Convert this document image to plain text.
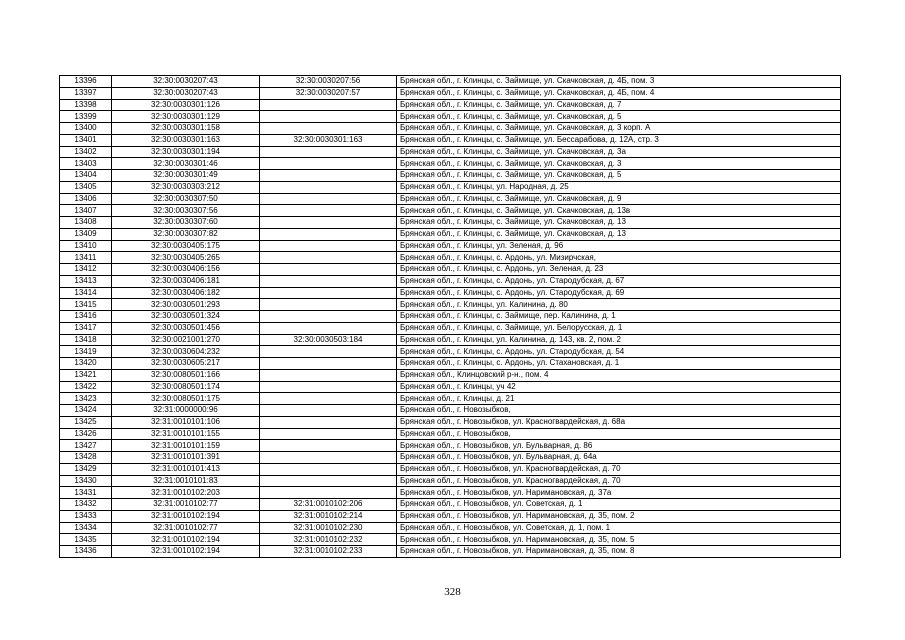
13396	32:30:0030207:43	32:30:0030207:56	Брянская обл., г. Клинцы, с. Займище, ул. Скачковская, д. 4Б, пом. 3
13397	32:30:0030207:43	32:30:0030207:57	Брянская обл., г. Клинцы, с. Займище, ул. Скачковская, д. 4Б, пом. 4
13398	32:30:0030301:126		Брянская обл., г. Клинцы, с. Займище, ул. Скачковская, д. 7
13399	32:30:0030301:129		Брянская обл., г. Клинцы, с. Займище, ул. Скачковская, д. 5
13400	32:30:0030301:158		Брянская обл., г. Клинцы, с. Займище, ул. Скачковская, д. 3 корп. А
13401	32:30:0030301:163	32:30:0030301:163	Брянская обл., г. Клинцы, с. Займище, ул. Бессарабова, д. 12А, стр. 3
13402	32:30:0030301:194		Брянская обл., г. Клинцы, с. Займище, ул. Скачковская, д. 3а
13403	32:30:0030301:46		Брянская обл., г. Клинцы, с. Займище, ул. Скачковская, д. 3
13404	32:30:0030301:49		Брянская обл., г. Клинцы, с. Займище, ул. Скачковская, д. 5
13405	32:30:0030303:212		Брянская обл., г. Клинцы, ул. Народная, д. 25
13406	32:30:0030307:50		Брянская обл., г. Клинцы, с. Займище, ул. Скачковская, д. 9
13407	32:30:0030307:56		Брянская обл., г. Клинцы, с. Займище, ул. Скачковская, д. 13в
13408	32:30:0030307:60		Брянская обл., г. Клинцы, с. Займище, ул. Скачковская, д. 13
13409	32:30:0030307:82		Брянская обл., г. Клинцы, с. Займище, ул. Скачковская, д. 13
13410	32:30:0030405:175		Брянская обл., г. Клинцы, ул. Зеленая, д. 96
13411	32:30:0030405:265		Брянская обл., г. Клинцы, с. Ардонь, ул. Мизирчская,
13412	32:30:0030406:156		Брянская обл., г. Клинцы, с. Ардонь, ул. Зеленая, д. 23
13413	32:30:0030406:181		Брянская обл., г. Клинцы, с. Ардонь, ул. Стародубская, д. 67
13414	32:30:0030406:182		Брянская обл., г. Клинцы, с. Ардонь, ул. Стародубская, д. 69
13415	32:30:0030501:293		Брянская обл., г. Клинцы, ул. Калинина, д. 80
13416	32:30:0030501:324		Брянская обл., г. Клинцы, с. Займище, пер. Калинина, д. 1
13417	32:30:0030501:456		Брянская обл., г. Клинцы, с. Займище, ул. Белорусская, д. 1
13418	32:30:0021001:270	32:30:0030503:184	Брянская обл., г. Клинцы, ул. Калинина, д. 143, кв. 2, пом. 2
13419	32:30:0030604:232		Брянская обл., г. Клинцы, с. Ардонь, ул. Стародубская, д. 54
13420	32:30:0030605:217		Брянская обл., г. Клинцы, с. Ардонь, ул. Стахановская, д. 1
13421	32:30:0080501:166		Брянская обл., Клинцовский р-н., пом. 4
13422	32:30:0080501:174		Брянская обл., г. Клинцы, уч 42
13423	32:30:0080501:175		Брянская обл., г. Клинцы, д. 21
13424	32:31:0000000:96		Брянская обл., г. Новозыбков,
13425	32:31:0010101:106		Брянская обл., г. Новозыбков, ул. Красногвардейская, д. 68а
13426	32:31:0010101:155		Брянская обл., г. Новозыбков,
13427	32:31:0010101:159		Брянская обл., г. Новозыбков, ул. Бульварная, д. 86
13428	32:31:0010101:391		Брянская обл., г. Новозыбков, ул. Бульварная, д. 64а
13429	32:31:0010101:413		Брянская обл., г. Новозыбков, ул. Красногвардейская, д. 70
13430	32:31:0010101:83		Брянская обл., г. Новозыбков, ул. Красногвардейская, д. 70
13431	32:31:0010102:203		Брянская обл., г. Новозыбков, ул. Наримановская, д. 37а
13432	32:31:0010102:77	32:31:0010102:206	Брянская обл., г. Новозыбков, ул. Советская, д. 1
13433	32:31:0010102:194	32:31:0010102:214	Брянская обл., г. Новозыбков, ул. Наримановская, д. 35, пом. 2
13434	32:31:0010102:77	32:31:0010102:230	Брянская обл., г. Новозыбков, ул. Советская, д. 1, пом. 1
13435	32:31:0010102:194	32:31:0010102:232	Брянская обл., г. Новозыбков, ул. Наримановская, д. 35, пом. 5
13436	32:31:0010102:194	32:31:0010102:233	Брянская обл., г. Новозыбков, ул. Наримановская, д. 35, пом. 8
328
